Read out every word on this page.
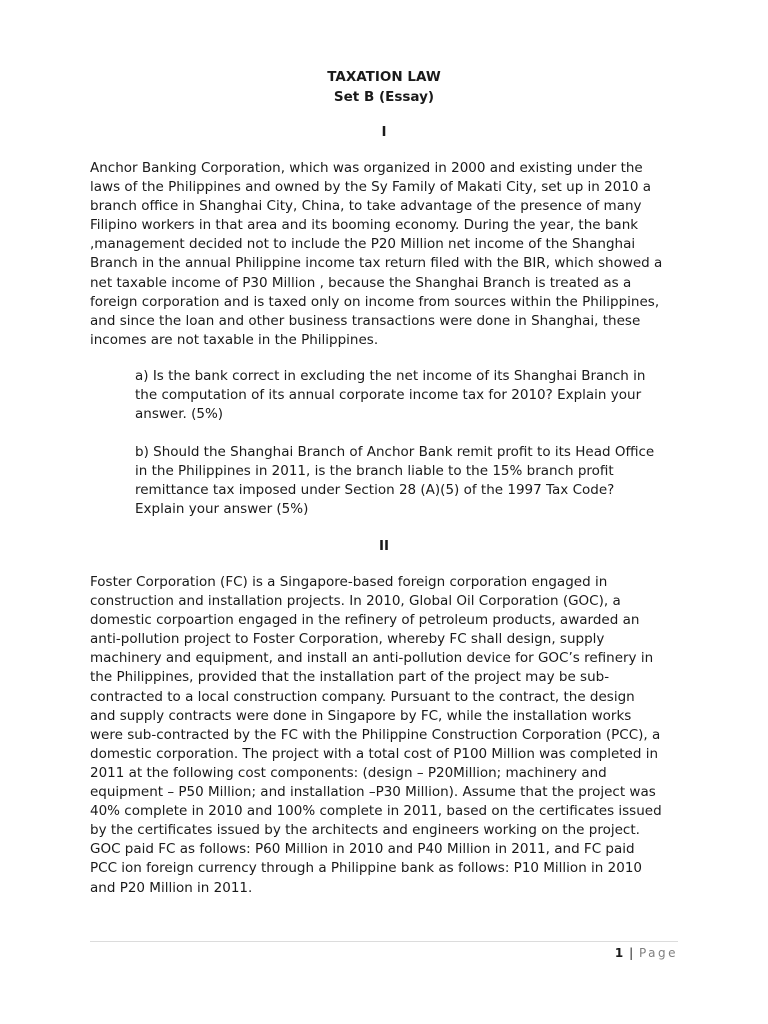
TAXATION LAW
Set B (Essay)
I

Anchor Banking Corporation, which was organized in 2000 and existing under the
laws of the Philippines and owned by the Sy Family of Makati City, set up in 2010 a
branch office in Shanghai City, China, to take advantage of the presence of many
Filipino workers in that area and its booming economy. During the year, the bank
,management decided not to include the P20 Million net income of the Shanghai
Branch in the annual Philippine income tax return filed with the BIR, which showed a
net taxable income of P30 Million , because the Shanghai Branch is treated as a
foreign corporation and is taxed only on income from sources within the Philippines,
and since the loan and other business transactions were done in Shanghai, these
incomes are not taxable in the Philippines.

a) Is the bank correct in excluding the net income of its Shanghai Branch in
the computation of its annual corporate income tax for 2010? Explain your
answer. (5%)

b) Should the Shanghai Branch of Anchor Bank remit profit to its Head Office
in the Philippines in 2011, is the branch liable to the 15% branch profit
remittance tax imposed under Section 28 (A)(5) of the 1997 Tax Code?
Explain your answer (5%)

II

Foster Corporation (FC) is a Singapore-based foreign corporation engaged in
construction and installation projects. In 2010, Global Oil Corporation (GOC), a
domestic corpoartion engaged in the refinery of petroleum products, awarded an
anti-pollution project to Foster Corporation, whereby FC shall design, supply
machinery and equipment, and install an anti-pollution device for GOC’s refinery in
the Philippines, provided that the installation part of the project may be sub-
contracted to a local construction company. Pursuant to the contract, the design
and supply contracts were done in Singapore by FC, while the installation works
were sub-contracted by the FC with the Philippine Construction Corporation (PCC), a
domestic corporation. The project with a total cost of P100 Million was completed in
2011 at the following cost components: (design – P20Million; machinery and
equipment – P50 Million; and installation –P30 Million). Assume that the project was
40% complete in 2010 and 100% complete in 2011, based on the certificates issued
by the certificates issued by the architects and engineers working on the project.
GOC paid FC as follows: P60 Million in 2010 and P40 Million in 2011, and FC paid
PCC ion foreign currency through a Philippine bank as follows: P10 Million in 2010
and P20 Million in 2011.

1 | Page
